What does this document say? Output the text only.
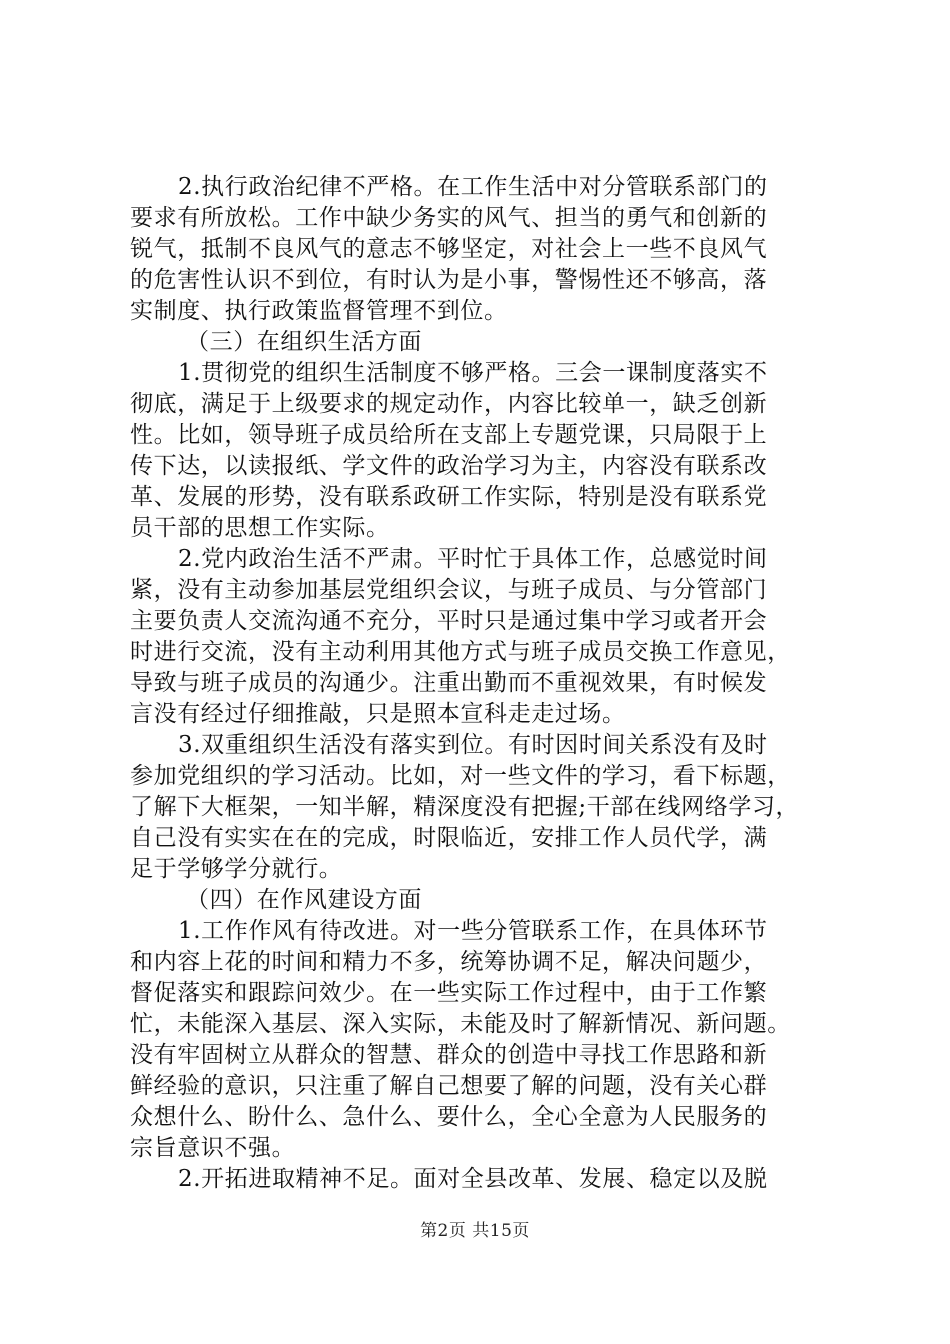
2.执行政治纪律不严格。在工作生活中对分管联系部门的
要求有所放松。工作中缺少务实的风气、担当的勇气和创新的
锐气，抵制不良风气的意志不够坚定，对社会上一些不良风气
的危害性认识不到位，有时认为是小事，警惕性还不够高，落
实制度、执行政策监督管理不到位。
（三）在组织生活方面
1.贯彻党的组织生活制度不够严格。三会一课制度落实不
彻底，满足于上级要求的规定动作，内容比较单一，缺乏创新
性。比如，领导班子成员给所在支部上专题党课，只局限于上
传下达，以读报纸、学文件的政治学习为主，内容没有联系改
革、发展的形势，没有联系政研工作实际，特别是没有联系党
员干部的思想工作实际。
2.党内政治生活不严肃。平时忙于具体工作，总感觉时间
紧，没有主动参加基层党组织会议，与班子成员、与分管部门
主要负责人交流沟通不充分，平时只是通过集中学习或者开会
时进行交流，没有主动利用其他方式与班子成员交换工作意见，
导致与班子成员的沟通少。注重出勤而不重视效果，有时候发
言没有经过仔细推敲，只是照本宣科走走过场。
3.双重组织生活没有落实到位。有时因时间关系没有及时
参加党组织的学习活动。比如，对一些文件的学习，看下标题，
了解下大框架，一知半解，精深度没有把握;干部在线网络学习，
自己没有实实在在的完成，时限临近，安排工作人员代学，满
足于学够学分就行。
（四）在作风建设方面
1.工作作风有待改进。对一些分管联系工作，在具体环节
和内容上花的时间和精力不多，统筹协调不足，解决问题少，
督促落实和跟踪问效少。在一些实际工作过程中，由于工作繁
忙，未能深入基层、深入实际，未能及时了解新情况、新问题。
没有牢固树立从群众的智慧、群众的创造中寻找工作思路和新
鲜经验的意识，只注重了解自己想要了解的问题，没有关心群
众想什么、盼什么、急什么、要什么，全心全意为人民服务的
宗旨意识不强。
2.开拓进取精神不足。面对全县改革、发展、稳定以及脱
第2页 共15页
